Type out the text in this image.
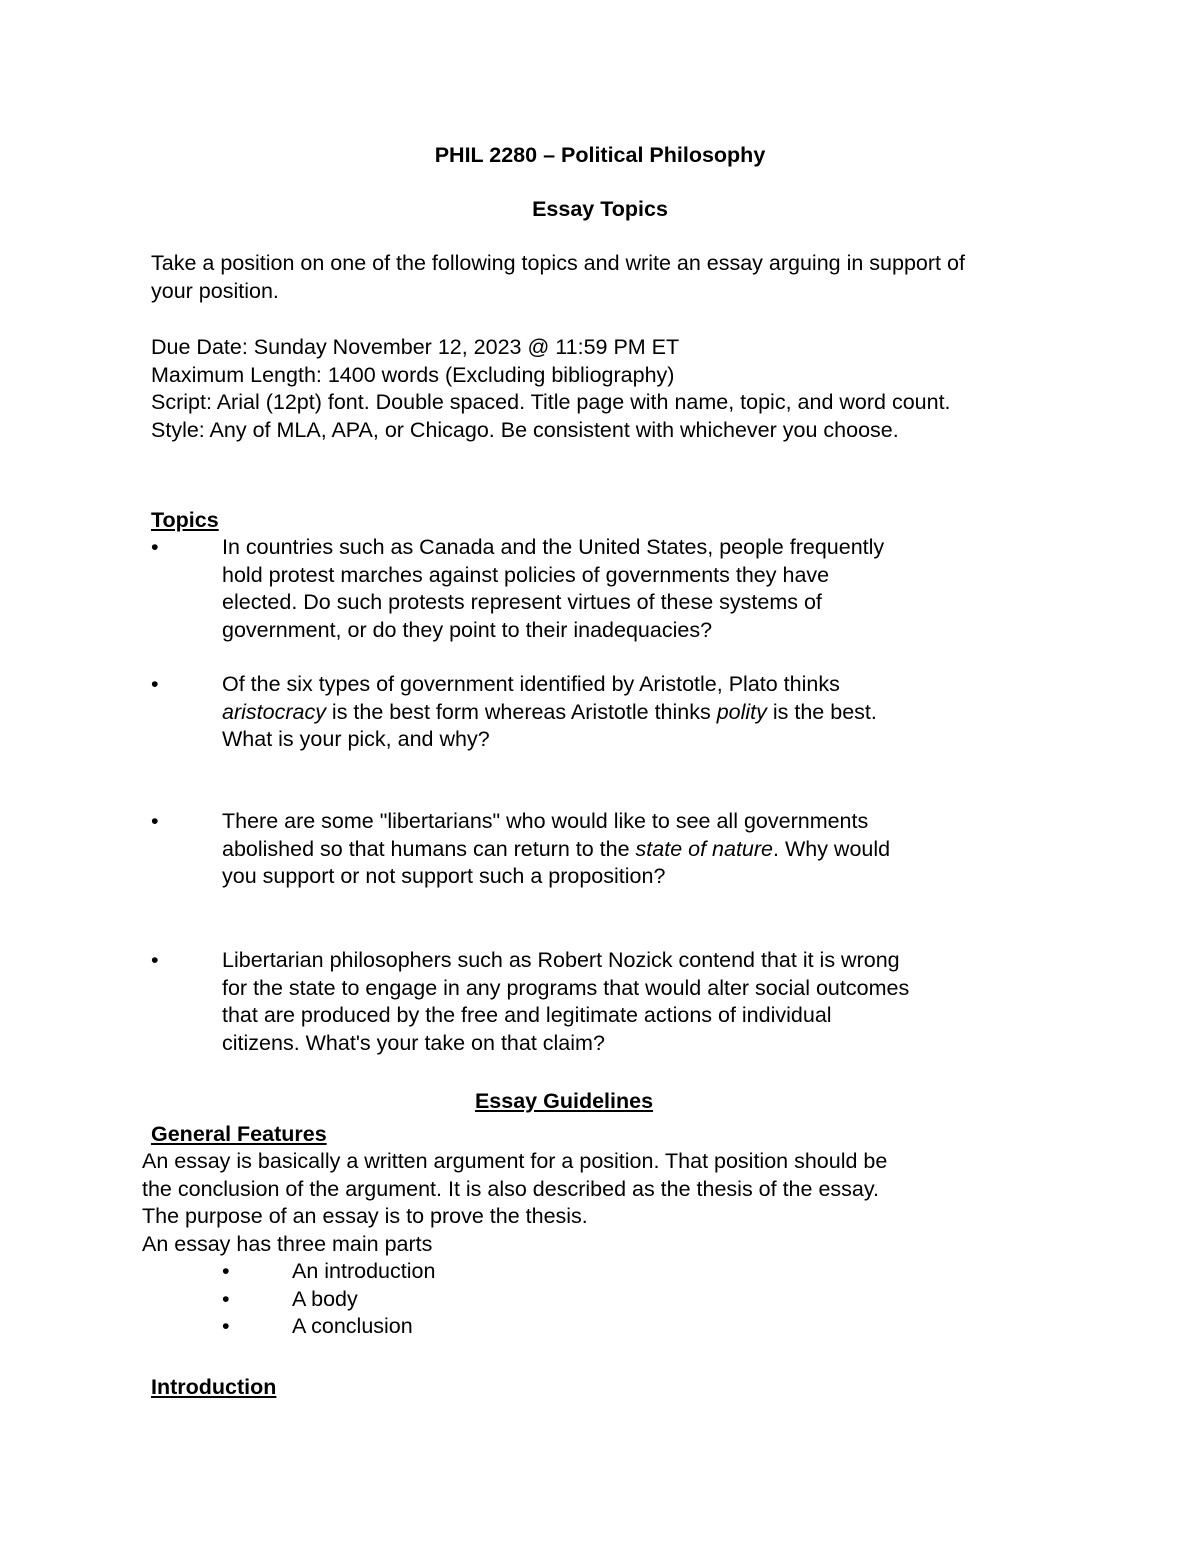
PHIL 2280 – Political Philosophy
Essay Topics
Take a position on one of the following topics and write an essay arguing in support of
your position.
Due Date: Sunday November 12, 2023 @ 11:59 PM ET
Maximum Length: 1400 words (Excluding bibliography)
Script: Arial (12pt) font. Double spaced. Title page with name, topic, and word count.
Style: Any of MLA, APA, or Chicago. Be consistent with whichever you choose.
Topics
•	In countries such as Canada and the United States, people frequently
hold protest marches against policies of governments they have
elected. Do such protests represent virtues of these systems of
government, or do they point to their inadequacies?
•	Of the six types of government identified by Aristotle, Plato thinks
aristocracy is the best form whereas Aristotle thinks polity is the best.
What is your pick, and why?
•	There are some "libertarians" who would like to see all governments
abolished so that humans can return to the state of nature. Why would
you support or not support such a proposition?
•	Libertarian philosophers such as Robert Nozick contend that it is wrong
for the state to engage in any programs that would alter social outcomes
that are produced by the free and legitimate actions of individual
citizens. What's your take on that claim?
Essay Guidelines
General Features
An essay is basically a written argument for a position. That position should be
the conclusion of the argument. It is also described as the thesis of the essay.
The purpose of an essay is to prove the thesis.
An essay has three main parts
•	An introduction
•	A body
•	A conclusion
Introduction
